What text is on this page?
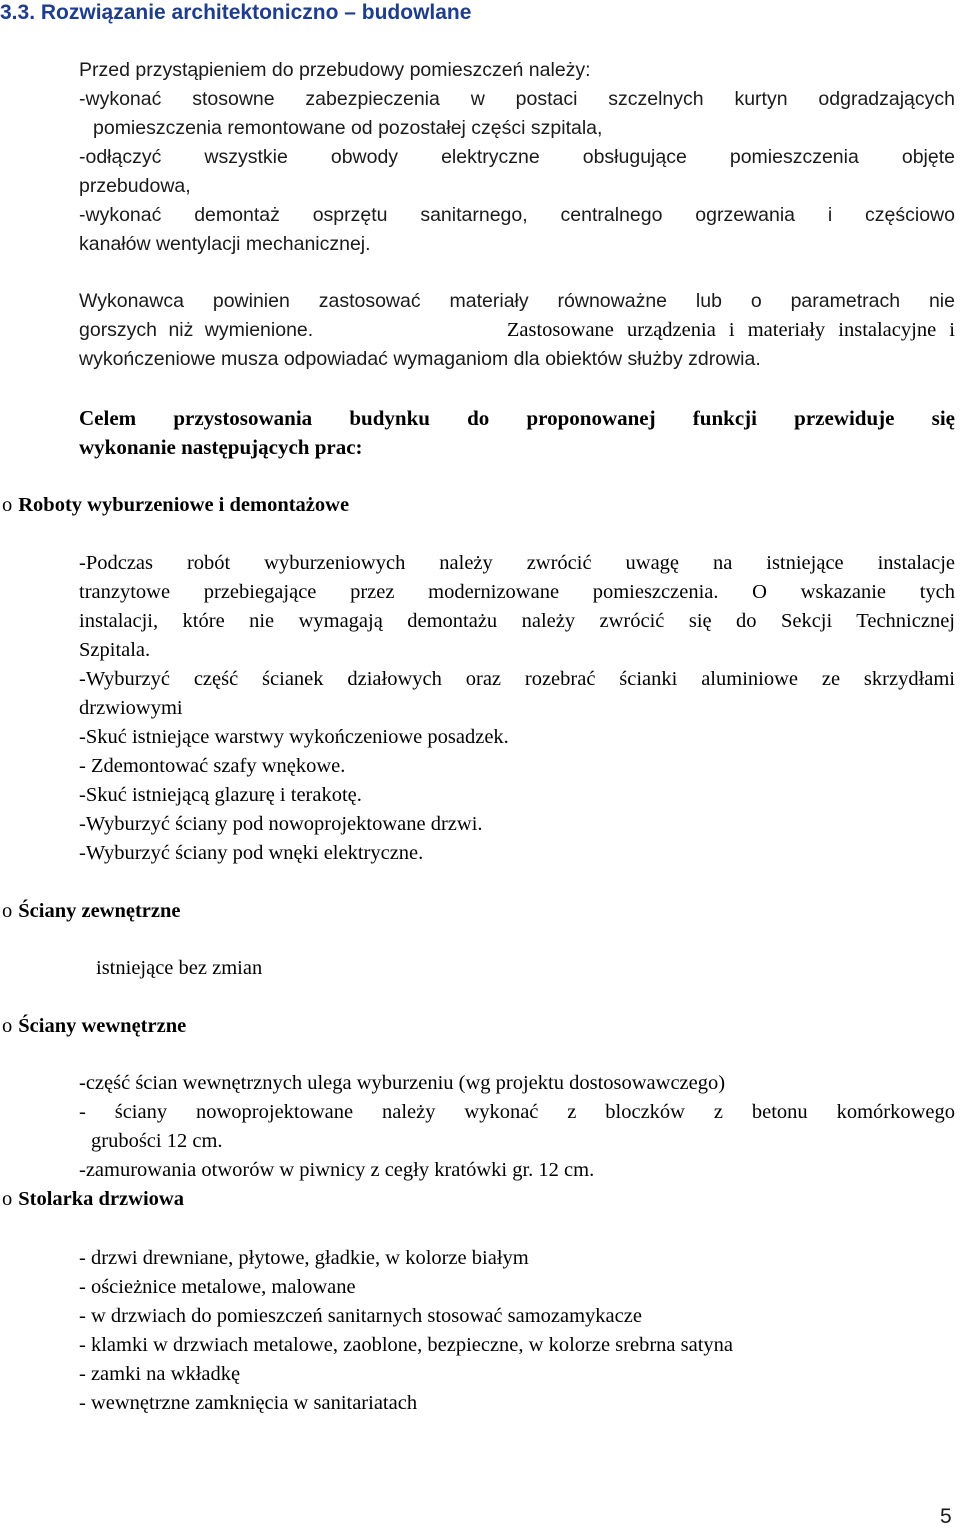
3.3. Rozwiązanie architektoniczno – budowlane
Przed przystąpieniem do przebudowy pomieszczeń należy:
-wykonać stosowne zabezpieczenia w postaci szczelnych kurtyn odgradzających
pomieszczenia remontowane od pozostałej części szpitala,
-odłączyć wszystkie obwody elektryczne obsługujące pomieszczenia objęte
przebudowa,
-wykonać demontaż osprzętu sanitarnego, centralnego ogrzewania i częściowo
kanałów wentylacji mechanicznej.
Wykonawca powinien zastosować materiały równoważne lub o parametrach nie
gorszych niż wymienione.	Zastosowane urządzenia i materiały instalacyjne i
wykończeniowe musza odpowiadać wymaganiom dla obiektów służby zdrowia.
Celem przystosowania budynku do proponowanej funkcji przewiduje się
wykonanie następujących prac:
o Roboty wyburzeniowe i demontażowe
-Podczas robót wyburzeniowych należy zwrócić uwagę na istniejące instalacje
tranzytowe przebiegające przez modernizowane pomieszczenia. O wskazanie tych
instalacji, które nie wymagają demontażu należy zwrócić się do Sekcji Technicznej
Szpitala.
-Wyburzyć część ścianek działowych oraz rozebrać ścianki aluminiowe ze skrzydłami
drzwiowymi
-Skuć istniejące warstwy wykończeniowe posadzek.
- Zdemontować szafy wnękowe.
-Skuć istniejącą glazurę i terakotę.
-Wyburzyć ściany pod nowoprojektowane drzwi.
-Wyburzyć ściany pod wnęki elektryczne.
o Ściany zewnętrzne
istniejące bez zmian
o Ściany wewnętrzne
-część ścian wewnętrznych ulega wyburzeniu (wg projektu dostosowawczego)
- ściany nowoprojektowane należy wykonać z bloczków z betonu komórkowego
grubości 12 cm.
-zamurowania otworów w piwnicy z cegły kratówki gr. 12 cm.
o Stolarka drzwiowa
- drzwi drewniane, płytowe, gładkie, w kolorze białym
- ościeżnice metalowe, malowane
- w drzwiach do pomieszczeń sanitarnych stosować samozamykacze
- klamki w drzwiach metalowe, zaoblone, bezpieczne, w kolorze srebrna satyna
- zamki na wkładkę
- wewnętrzne zamknięcia w sanitariatach
5
